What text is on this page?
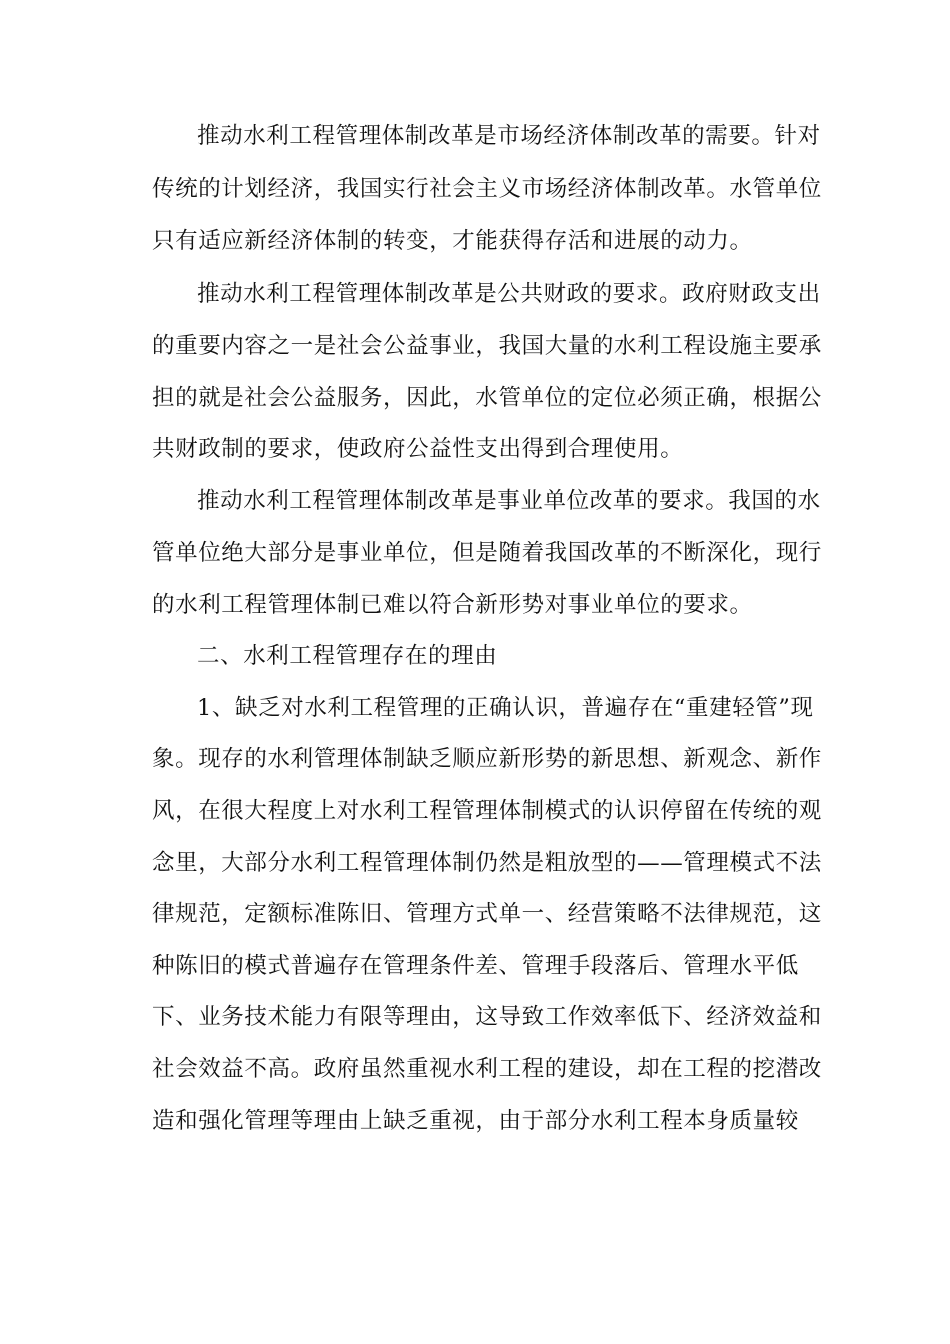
推动水利工程管理体制改革是市场经济体制改革的需要。针对
传统的计划经济，我国实行社会主义市场经济体制改革。水管单位
只有适应新经济体制的转变，才能获得存活和进展的动力。
推动水利工程管理体制改革是公共财政的要求。政府财政支出
的重要内容之一是社会公益事业，我国大量的水利工程设施主要承
担的就是社会公益服务，因此，水管单位的定位必须正确，根据公
共财政制的要求，使政府公益性支出得到合理使用。
推动水利工程管理体制改革是事业单位改革的要求。我国的水
管单位绝大部分是事业单位，但是随着我国改革的不断深化，现行
的水利工程管理体制已难以符合新形势对事业单位的要求。
二、水利工程管理存在的理由
1、缺乏对水利工程管理的正确认识，普遍存在“重建轻管”现
象。现存的水利管理体制缺乏顺应新形势的新思想、新观念、新作
风，在很大程度上对水利工程管理体制模式的认识停留在传统的观
念里，大部分水利工程管理体制仍然是粗放型的——管理模式不法
律规范，定额标准陈旧、管理方式单一、经营策略不法律规范，这
种陈旧的模式普遍存在管理条件差、管理手段落后、管理水平低
下、业务技术能力有限等理由，这导致工作效率低下、经济效益和
社会效益不高。政府虽然重视水利工程的建设，却在工程的挖潜改
造和强化管理等理由上缺乏重视，由于部分水利工程本身质量较
